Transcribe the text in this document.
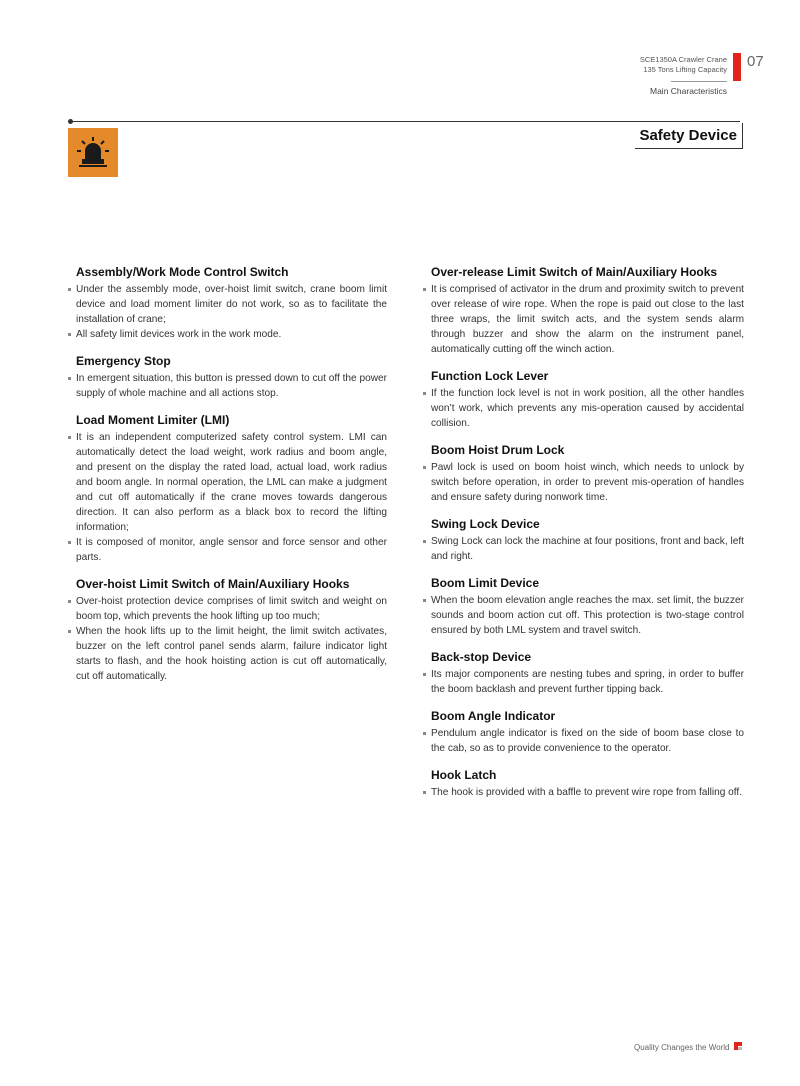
SCE1350A Crawler Crane
135 Tons Lifting Capacity
Main Characteristics
07
Safety Device
Assembly/Work Mode Control Switch
Under the assembly mode, over-hoist limit switch, crane boom limit device and load moment limiter do not work, so as to facilitate the installation of crane;
All safety limit devices work in the work mode.
Emergency Stop
In emergent situation, this button is pressed down to cut off the power supply of whole machine and all actions stop.
Load Moment Limiter (LMI)
It is an independent computerized safety control system. LMI can automatically detect the load weight, work radius and boom angle, and present on the display the rated load, actual load, work radius and boom angle. In normal operation, the LML can make a judgment and cut off automatically if the crane moves towards dangerous direction. It can also perform as a black box to record the lifting information;
It is composed of monitor, angle sensor and force sensor and other parts.
Over-hoist Limit Switch of Main/Auxiliary Hooks
Over-hoist protection device comprises of limit switch and weight on boom top, which prevents the hook lifting up too much;
When the hook lifts up to the limit height, the limit switch activates, buzzer on the left control panel sends alarm, failure indicator light starts to flash, and the hook hoisting action is cut off automatically, cut off automatically.
Over-release Limit Switch of Main/Auxiliary Hooks
It is comprised of activator in the drum and proximity switch to prevent over release of wire rope. When the rope is paid out close to the last three wraps, the limit switch acts, and the system sends alarm through buzzer and show the alarm on the instrument panel, automatically cutting off the winch action.
Function Lock Lever
If the function lock level is not in work position, all the other handles won’t work, which prevents any mis-operation caused by accidental collision.
Boom Hoist Drum Lock
Pawl lock is used on boom hoist winch, which needs to unlock by switch before operation, in order to prevent mis-operation of handles and ensure safety during nonwork time.
Swing Lock Device
Swing Lock can lock the machine at four positions, front and back, left and right.
Boom Limit Device
When the boom elevation angle reaches the max. set limit, the buzzer sounds and boom action cut off. This protection is two-stage control ensured by both LML system and travel switch.
Back-stop Device
Its major components are nesting tubes and spring, in order to buffer the boom backlash and prevent further tipping back.
Boom Angle Indicator
Pendulum angle indicator is fixed on the side of boom base close to the cab, so as to provide convenience to the operator.
Hook Latch
The hook is provided with a baffle to prevent wire rope from falling off.
Quality Changes the World
